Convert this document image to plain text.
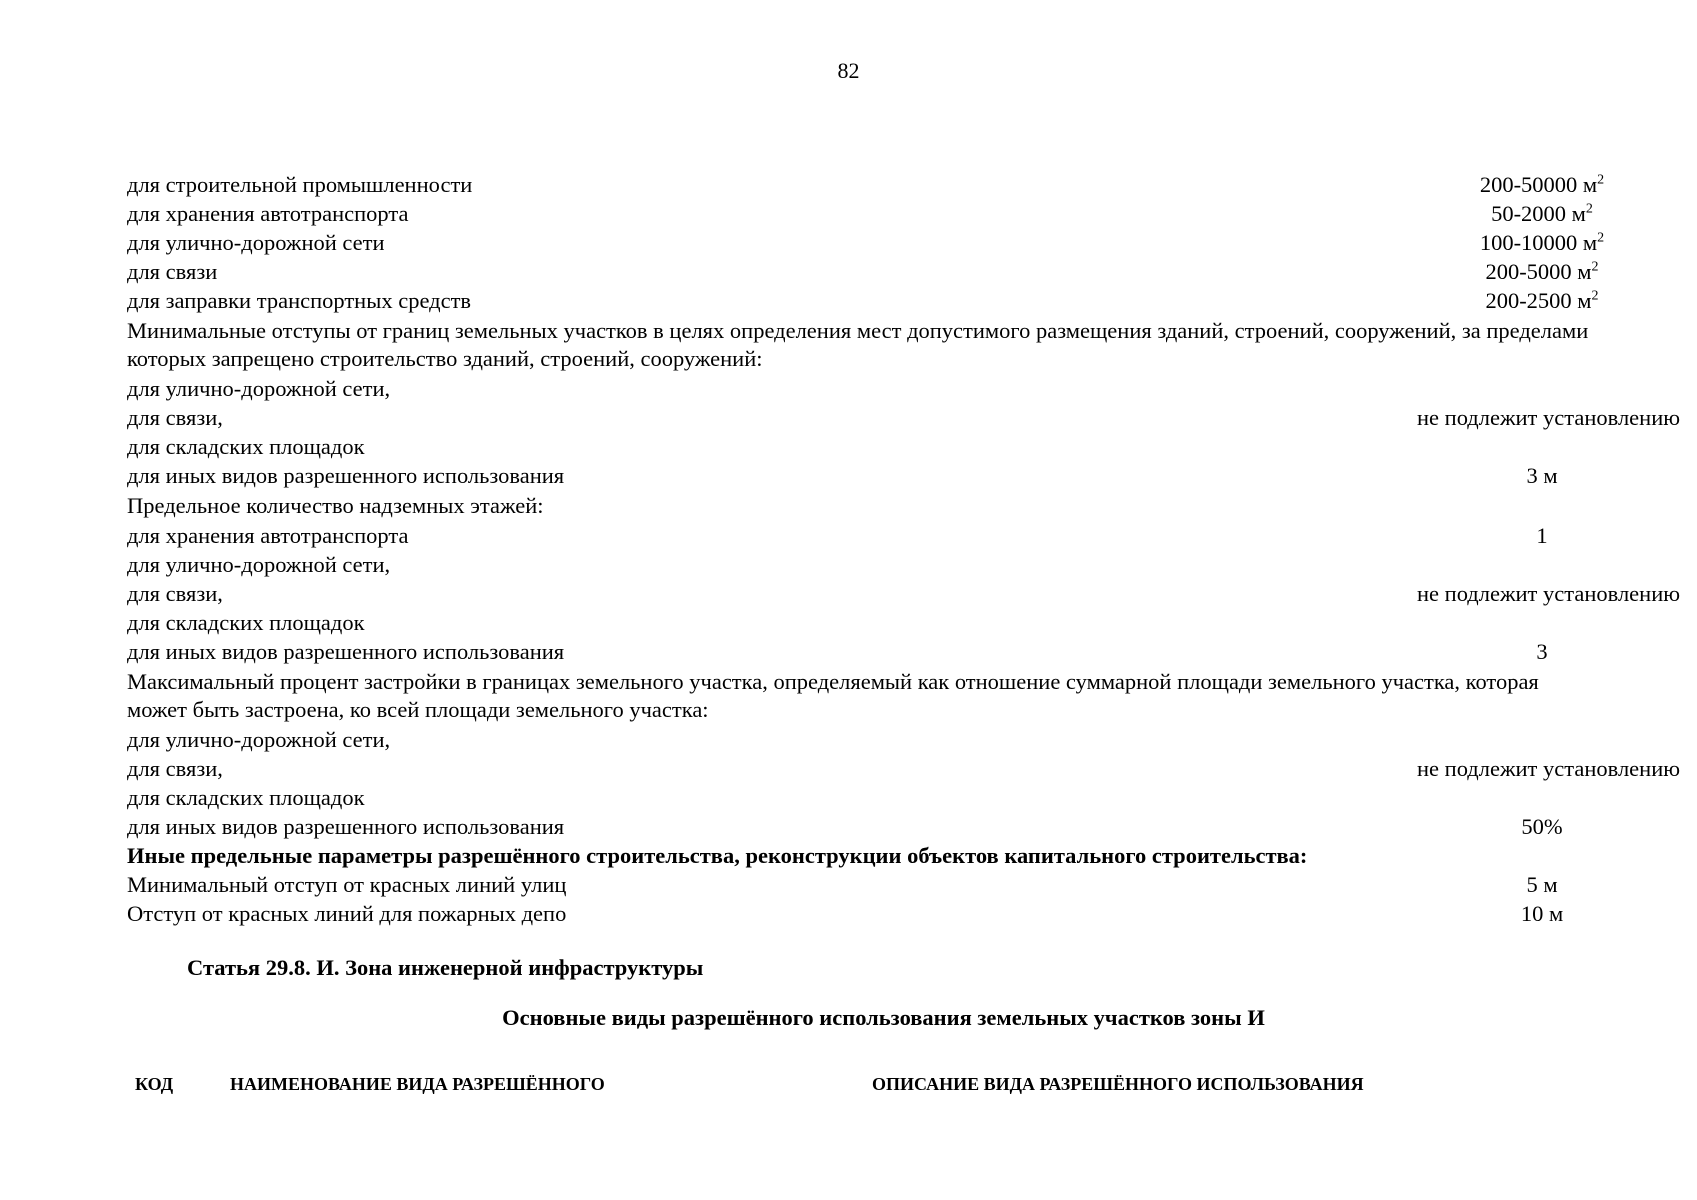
82
для строительной промышленности	200-50000 $м^2$
для хранения автотранспорта	50-2000 $м^2$
для улично-дорожной сети	100-10000 $м^2$
для связи	200-5000 $м^2$
для заправки транспортных средств	200-2500 $м^2$
Минимальные отступы от границ земельных участков в целях определения мест допустимого размещения зданий, строений, сооружений, за пределами которых запрещено строительство зданий, строений, сооружений:
для улично-дорожной сети,
для связи,
для складских площадок
не подлежит установлению
для иных видов разрешенного использования	3 м
Предельное количество надземных этажей:
для хранения автотранспорта	1
для улично-дорожной сети,
для связи,
для складских площадок
не подлежит установлению
для иных видов разрешенного использования	3
Максимальный процент застройки в границах земельного участка, определяемый как отношение суммарной площади земельного участка, которая может быть застроена, ко всей площади земельного участка:
для улично-дорожной сети,
для связи,
для складских площадок
не подлежит установлению
для иных видов разрешенного использования	50%
Иные предельные параметры разрешённого строительства, реконструкции объектов капитального строительства:
Минимальный отступ от красных линий улиц	5 м
Отступ от красных линий для пожарных депо	10 м
Статья 29.8. И. Зона инженерной инфраструктуры
Основные виды разрешённого использования земельных участков зоны И
КОД	НАИМЕНОВАНИЕ ВИДА РАЗРЕШЁННОГО	ОПИСАНИЕ ВИДА РАЗРЕШЁННОГО ИСПОЛЬЗОВАНИЯ
